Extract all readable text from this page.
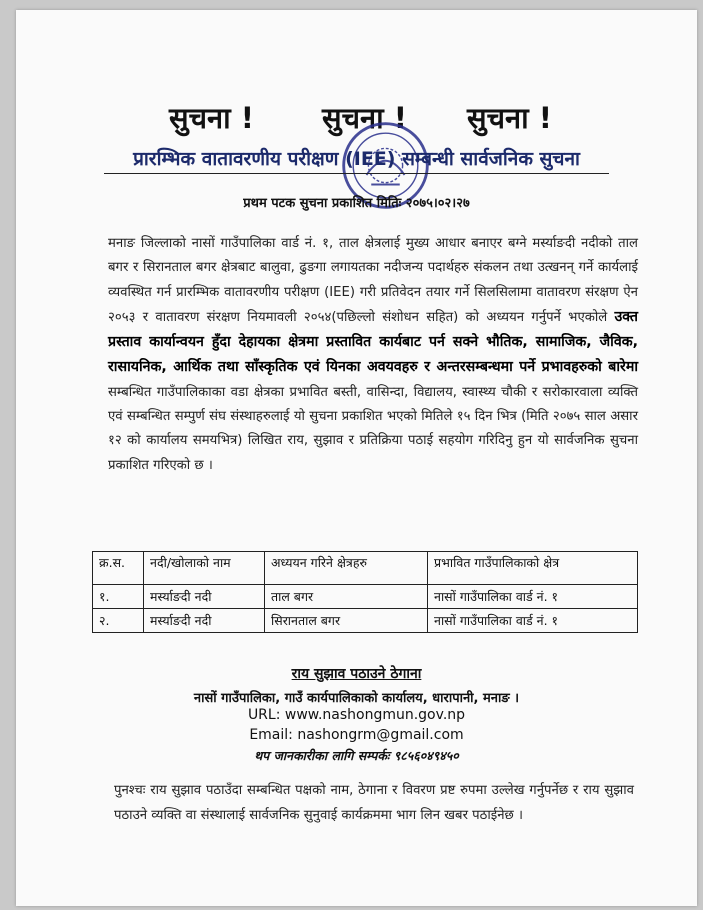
सुचना ! सुचना ! सुचना !
प्रारम्भिक वातावरणीय परीक्षण (IEE) सम्बन्धी सार्वजनिक सुचना
प्रथम पटक सुचना प्रकाशित मितिः २०७५।०२।२७
मनाङ जिल्लाको नासों गाउँपालिका वार्ड नं. १, ताल क्षेत्रलाई मुख्य आधार बनाएर बग्ने मर्स्याङदी नदीको ताल बगर र सिरानताल बगर क्षेत्रबाट बालुवा, ढुङगा लगायतका नदीजन्य पदार्थहरु संकलन तथा उत्खनन् गर्ने कार्यलाई व्यवस्थित गर्न प्रारम्भिक वातावरणीय परीक्षण (IEE) गरी प्रतिवेदन तयार गर्ने सिलसिलामा वातावरण संरक्षण ऐन २०५३ र वातावरण संरक्षण नियमावली २०५४(पछिल्लो संशोधन सहित) को अध्ययन गर्नुपर्ने भएकोले उक्त प्रस्ताव कार्यान्वयन हुँदा देहायका क्षेत्रमा प्रस्तावित कार्यबाट पर्न सक्ने भौतिक, सामाजिक, जैविक, रासायनिक, आर्थिक तथा साँस्कृतिक एवं यिनका अवयवहरु र अन्तरसम्बन्धमा पर्ने प्रभावहरुको बारेमा सम्बन्धित गाउँपालिकाका वडा क्षेत्रका प्रभावित बस्ती, वासिन्दा, विद्यालय, स्वास्थ्य चौकी र सरोकारवाला व्यक्ति एवं सम्बन्धित सम्पुर्ण संघ संस्थाहरुलाई यो सुचना प्रकाशित भएको मितिले १५ दिन भित्र (मिति २०७५ साल असार १२ को कार्यालय समयभित्र) लिखित राय, सुझाव र प्रतिक्रिया पठाई सहयोग गरिदिनु हुन यो सार्वजनिक सुचना प्रकाशित गरिएको छ ।
क्र.स.	नदी/खोलाको नाम	अध्ययन गरिने क्षेत्रहरु	प्रभावित गाउँपालिकाको क्षेत्र
१.	मर्स्याङदी नदी	ताल बगर	नासों गाउँपालिका वार्ड नं. १
२.	मर्स्याङदी नदी	सिरानताल बगर	नासों गाउँपालिका वार्ड नं. १
राय सुझाव पठाउने ठेगाना
नासों गाउँपालिका, गाउँ कार्यपालिकाको कार्यालय, धारापानी, मनाङ ।
URL: www.nashongmun.gov.np
Email: nashongrm@gmail.com
थप जानकारीका लागि सम्पर्कः ९८५६०४९४५०
पुनश्चः राय सुझाव पठाउँदा सम्बन्धित पक्षको नाम, ठेगाना र विवरण प्रष्ट रुपमा उल्लेख गर्नुपर्नेछ र राय सुझाव पठाउने व्यक्ति वा संस्थालाई सार्वजनिक सुनुवाई कार्यक्रममा भाग लिन खबर पठाईनेछ ।
